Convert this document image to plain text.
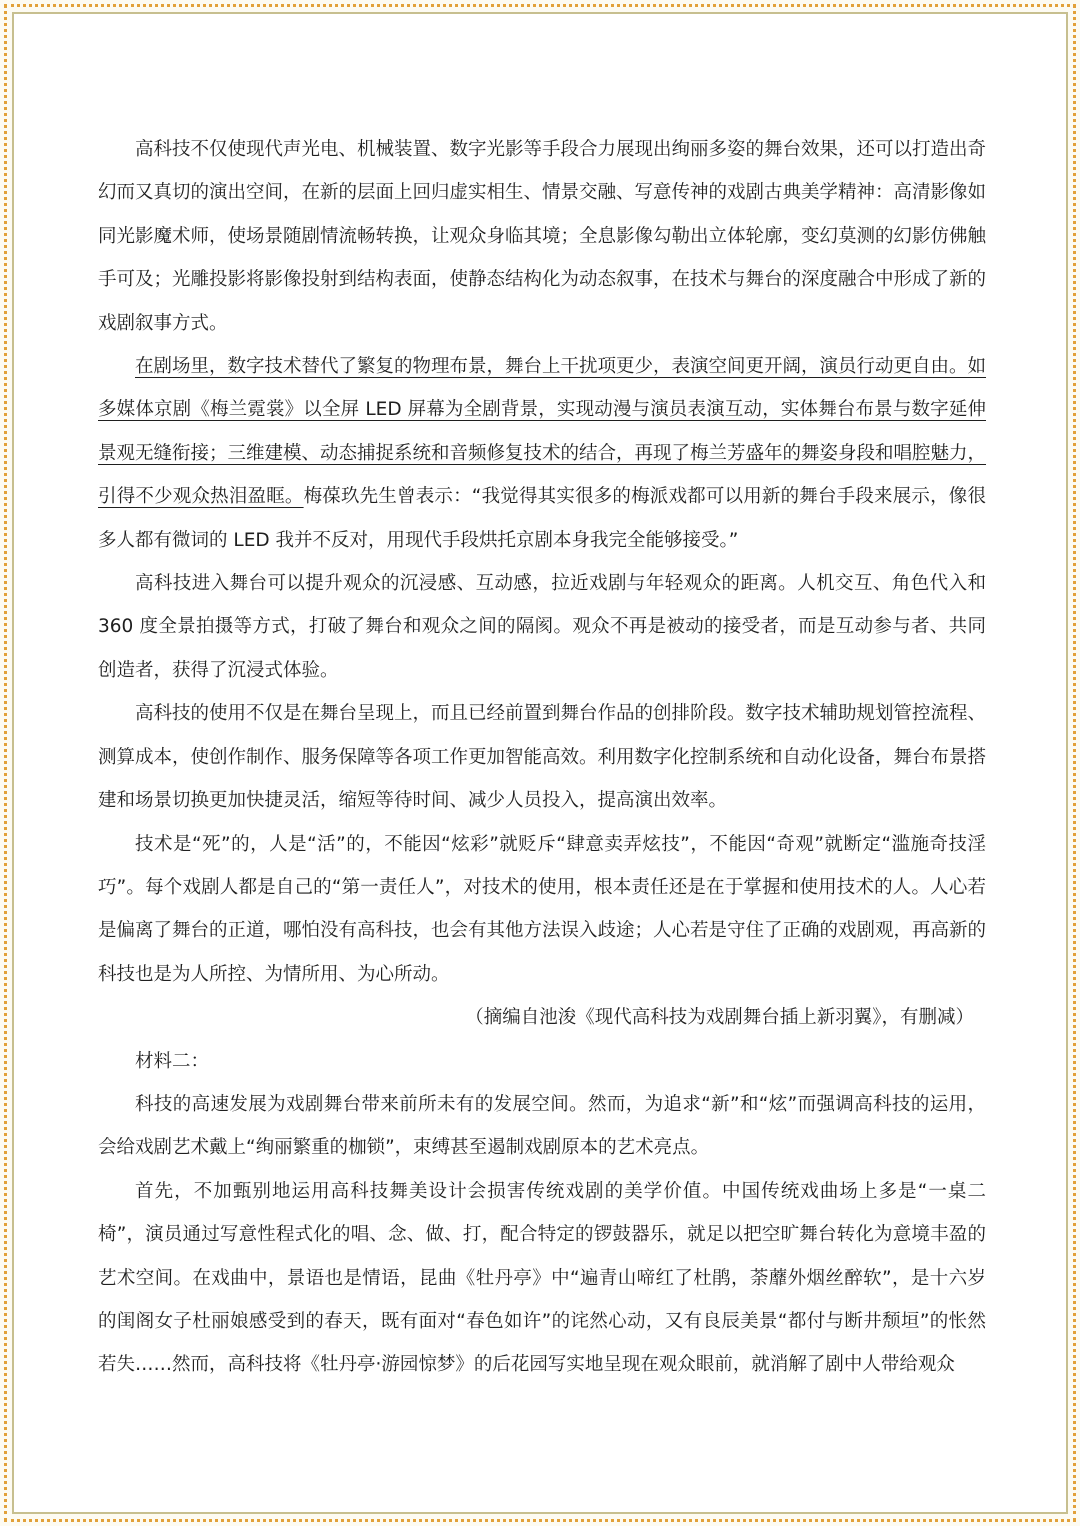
高科技不仅使现代声光电、机械装置、数字光影等手段合力展现出绚丽多姿的舞台效果，还可以打造出奇幻而又真切的演出空间，在新的层面上回归虚实相生、情景交融、写意传神的戏剧古典美学精神：高清影像如同光影魔术师，使场景随剧情流畅转换，让观众身临其境；全息影像勾勒出立体轮廓，变幻莫测的幻影仿佛触手可及；光雕投影将影像投射到结构表面，使静态结构化为动态叙事，在技术与舞台的深度融合中形成了新的戏剧叙事方式。

在剧场里，数字技术替代了繁复的物理布景，舞台上干扰项更少，表演空间更开阔，演员行动更自由。如多媒体京剧《梅兰霓裳》以全屏 LED 屏幕为全剧背景，实现动漫与演员表演互动，实体舞台布景与数字延伸景观无缝衔接；三维建模、动态捕捉系统和音频修复技术的结合，再现了梅兰芳盛年的舞姿身段和唱腔魅力，引得不少观众热泪盈眶。梅葆玖先生曾表示：“我觉得其实很多的梅派戏都可以用新的舞台手段来展示，像很多人都有微词的 LED 我并不反对，用现代手段烘托京剧本身我完全能够接受。”

高科技进入舞台可以提升观众的沉浸感、互动感，拉近戏剧与年轻观众的距离。人机交互、角色代入和 360 度全景拍摄等方式，打破了舞台和观众之间的隔阂。观众不再是被动的接受者，而是互动参与者、共同创造者，获得了沉浸式体验。

高科技的使用不仅是在舞台呈现上，而且已经前置到舞台作品的创排阶段。数字技术辅助规划管控流程、测算成本，使创作制作、服务保障等各项工作更加智能高效。利用数字化控制系统和自动化设备，舞台布景搭建和场景切换更加快捷灵活，缩短等待时间、减少人员投入，提高演出效率。

技术是“死”的，人是“活”的，不能因“炫彩”就贬斥“肆意卖弄炫技”，不能因“奇观”就断定“滥施奇技淫巧”。每个戏剧人都是自己的“第一责任人”，对技术的使用，根本责任还是在于掌握和使用技术的人。人心若是偏离了舞台的正道，哪怕没有高科技，也会有其他方法误入歧途；人心若是守住了正确的戏剧观，再高新的科技也是为人所控、为情所用、为心所动。

（摘编自池浚《现代高科技为戏剧舞台插上新羽翼》，有删减）

材料二：

科技的高速发展为戏剧舞台带来前所未有的发展空间。然而，为追求“新”和“炫”而强调高科技的运用，会给戏剧艺术戴上“绚丽繁重的枷锁”，束缚甚至遏制戏剧原本的艺术亮点。

首先，不加甄别地运用高科技舞美设计会损害传统戏剧的美学价值。中国传统戏曲场上多是“一桌二椅”，演员通过写意性程式化的唱、念、做、打，配合特定的锣鼓器乐，就足以把空旷舞台转化为意境丰盈的艺术空间。在戏曲中，景语也是情语，昆曲《牡丹亭》中“遍青山啼红了杜鹃，荼蘼外烟丝醉软”，是十六岁的闺阁女子杜丽娘感受到的春天，既有面对“春色如许”的诧然心动，又有良辰美景“都付与断井颓垣”的怅然若失……然而，高科技将《牡丹亭·游园惊梦》的后花园写实地呈现在观众眼前，就消解了剧中人带给观众
